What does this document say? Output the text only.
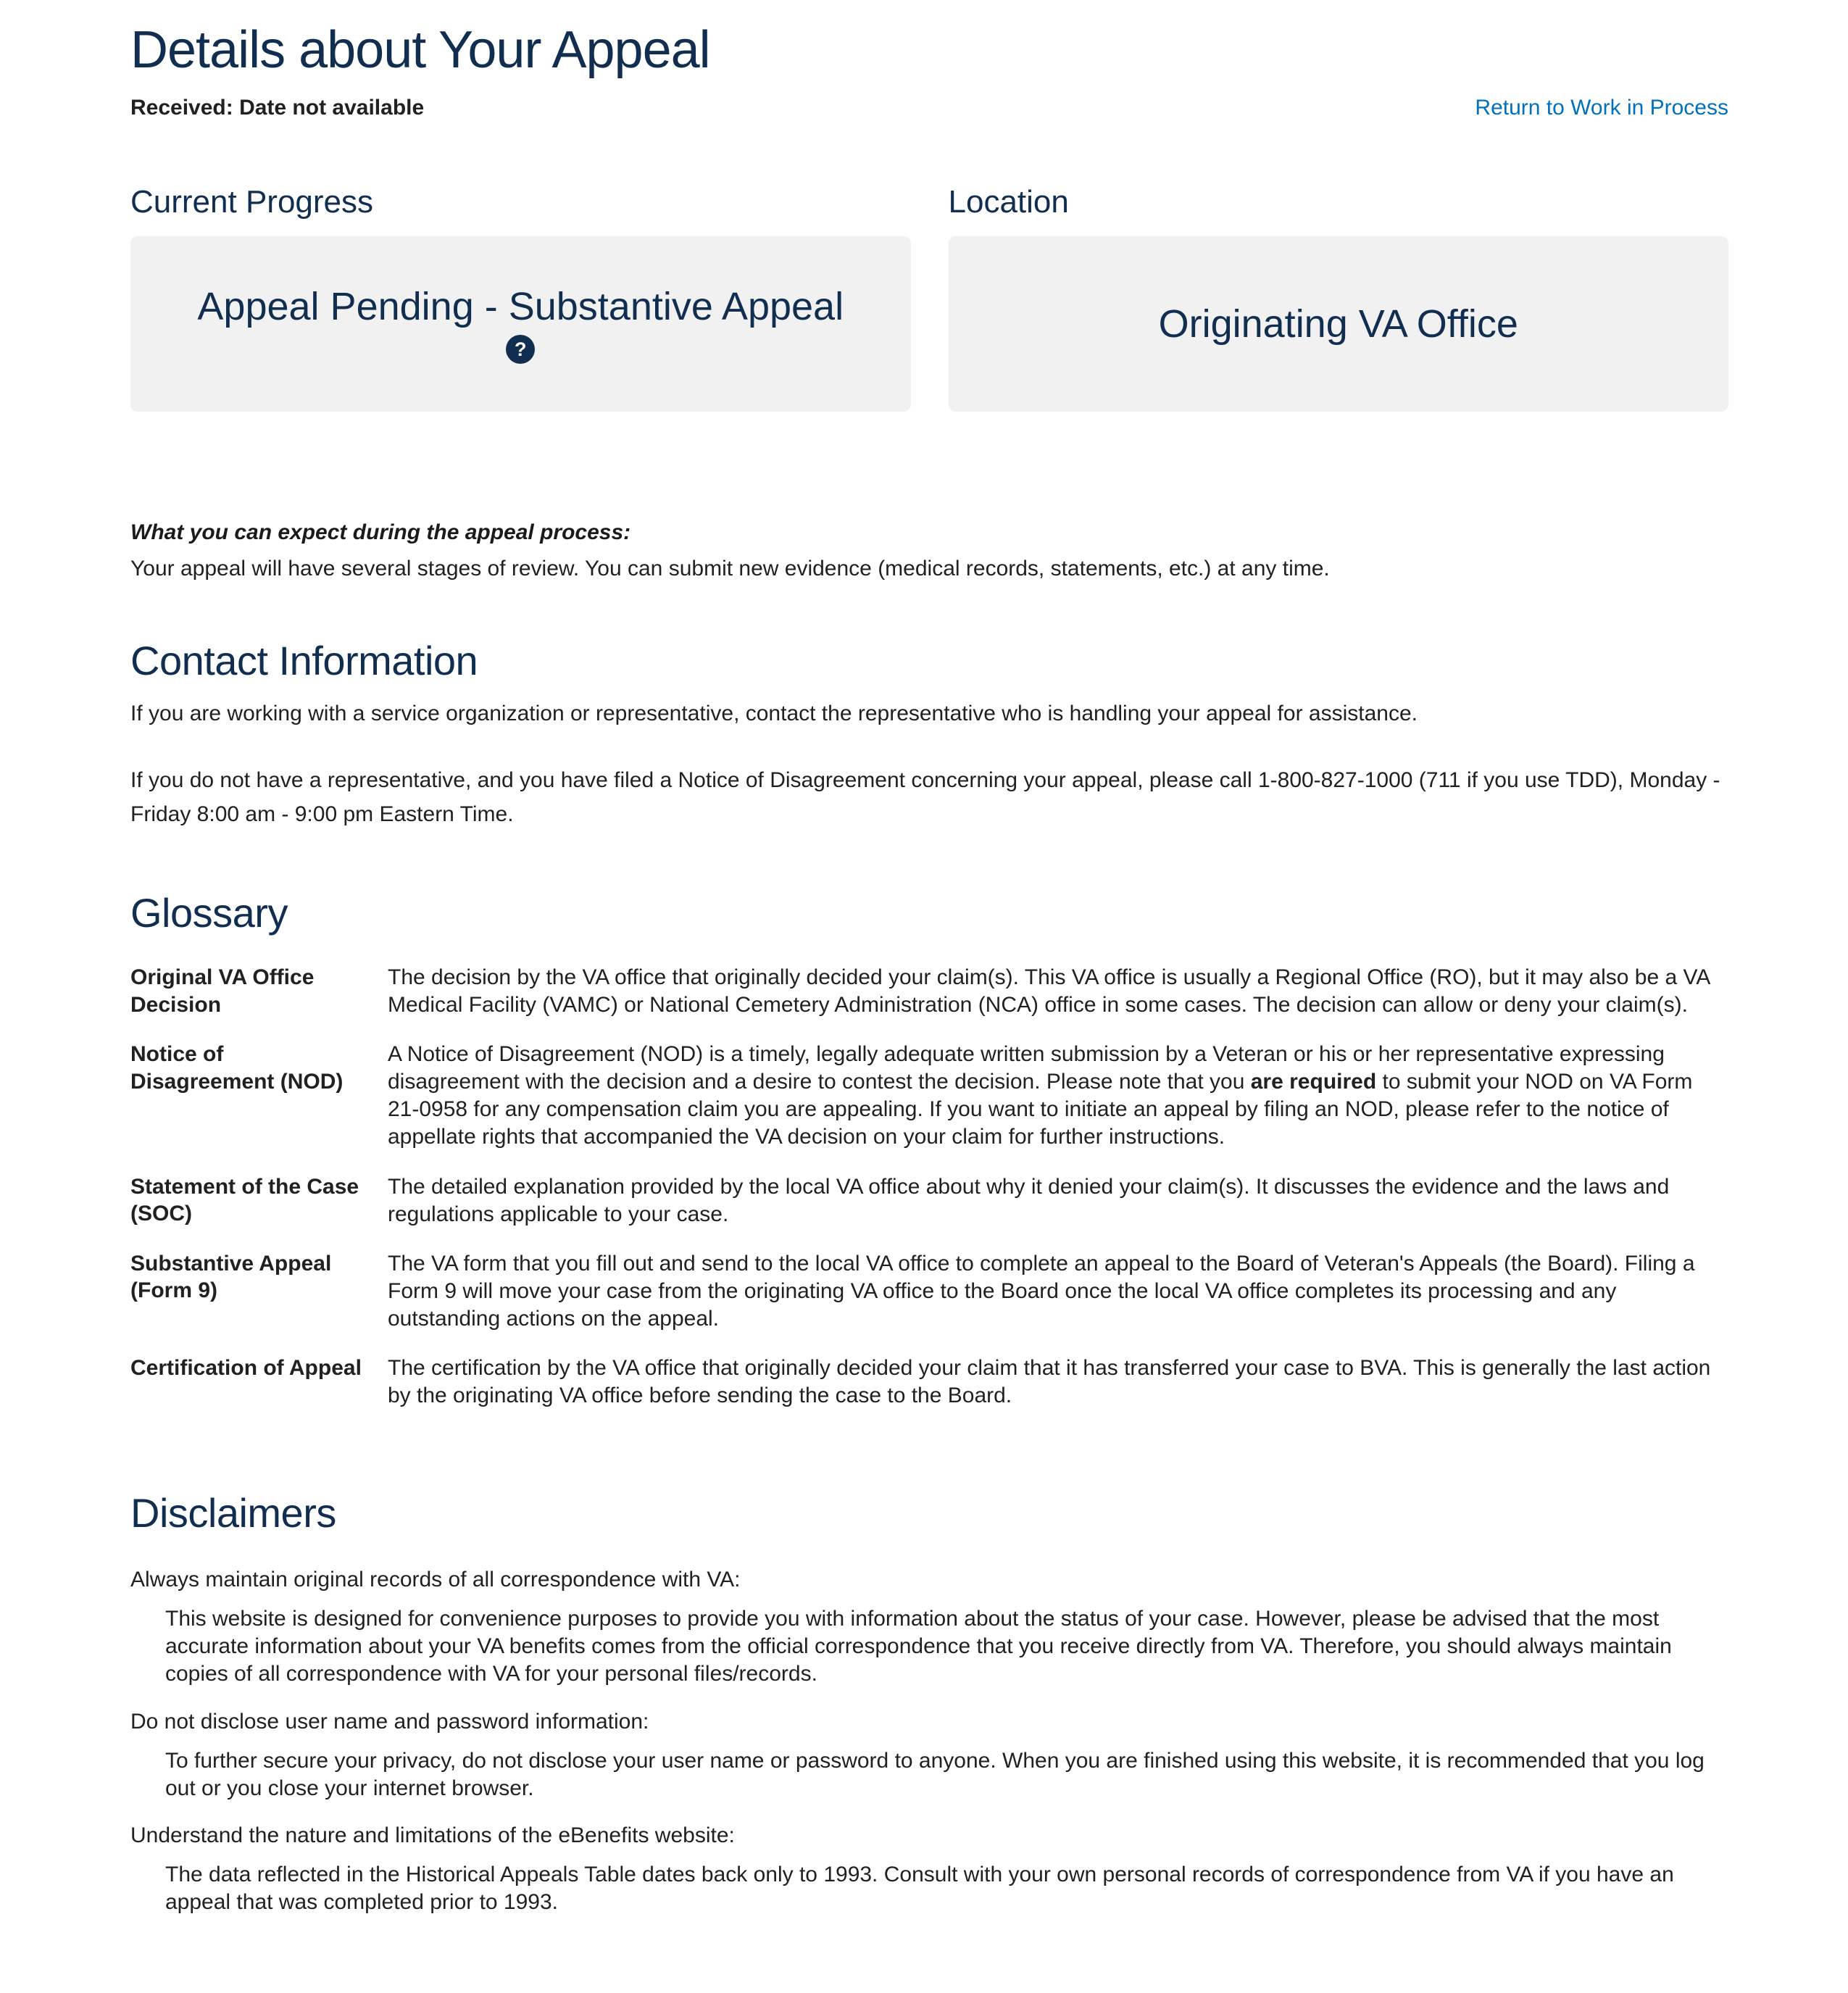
Details about Your Appeal
Received: Date not available	Return to Work in Process
Current Progress
Appeal Pending - Substantive Appeal
?
Location
Originating VA Office

What you can expect during the appeal process:

Your appeal will have several stages of review. You can submit new evidence (medical records, statements, etc.) at any time.

Contact Information

If you are working with a service organization or representative, contact the representative who is handling your appeal for assistance.

If you do not have a representative, and you have filed a Notice of Disagreement concerning your appeal, please call 1-800-827-1000 (711 if you use TDD), Monday - Friday 8:00 am - 9:00 pm Eastern Time.

Glossary
Original VA Office Decision
The decision by the VA office that originally decided your claim(s). This VA office is usually a Regional Office (RO), but it may also be a VA Medical Facility (VAMC) or National Cemetery Administration (NCA) office in some cases. The decision can allow or deny your claim(s).
Notice of Disagreement (NOD)
A Notice of Disagreement (NOD) is a timely, legally adequate written submission by a Veteran or his or her representative expressing disagreement with the decision and a desire to contest the decision. Please note that you are required to submit your NOD on VA Form 21-0958 for any compensation claim you are appealing. If you want to initiate an appeal by filing an NOD, please refer to the notice of appellate rights that accompanied the VA decision on your claim for further instructions.
Statement of the Case (SOC)
The detailed explanation provided by the local VA office about why it denied your claim(s). It discusses the evidence and the laws and regulations applicable to your case.
Substantive Appeal (Form 9)
The VA form that you fill out and send to the local VA office to complete an appeal to the Board of Veteran's Appeals (the Board). Filing a Form 9 will move your case from the originating VA office to the Board once the local VA office completes its processing and any outstanding actions on the appeal.
Certification of Appeal	The certification by the VA office that originally decided your claim that it has transferred your case to BVA. This is generally the last action by the originating VA office before sending the case to the Board.
Disclaimers

Always maintain original records of all correspondence with VA:

This website is designed for convenience purposes to provide you with information about the status of your case. However, please be advised that the most accurate information about your VA benefits comes from the official correspondence that you receive directly from VA. Therefore, you should always maintain copies of all correspondence with VA for your personal files/records.

Do not disclose user name and password information:

To further secure your privacy, do not disclose your user name or password to anyone. When you are finished using this website, it is recommended that you log out or you close your internet browser.

Understand the nature and limitations of the eBenefits website:

The data reflected in the Historical Appeals Table dates back only to 1993. Consult with your own personal records of correspondence from VA if you have an appeal that was completed prior to 1993.
